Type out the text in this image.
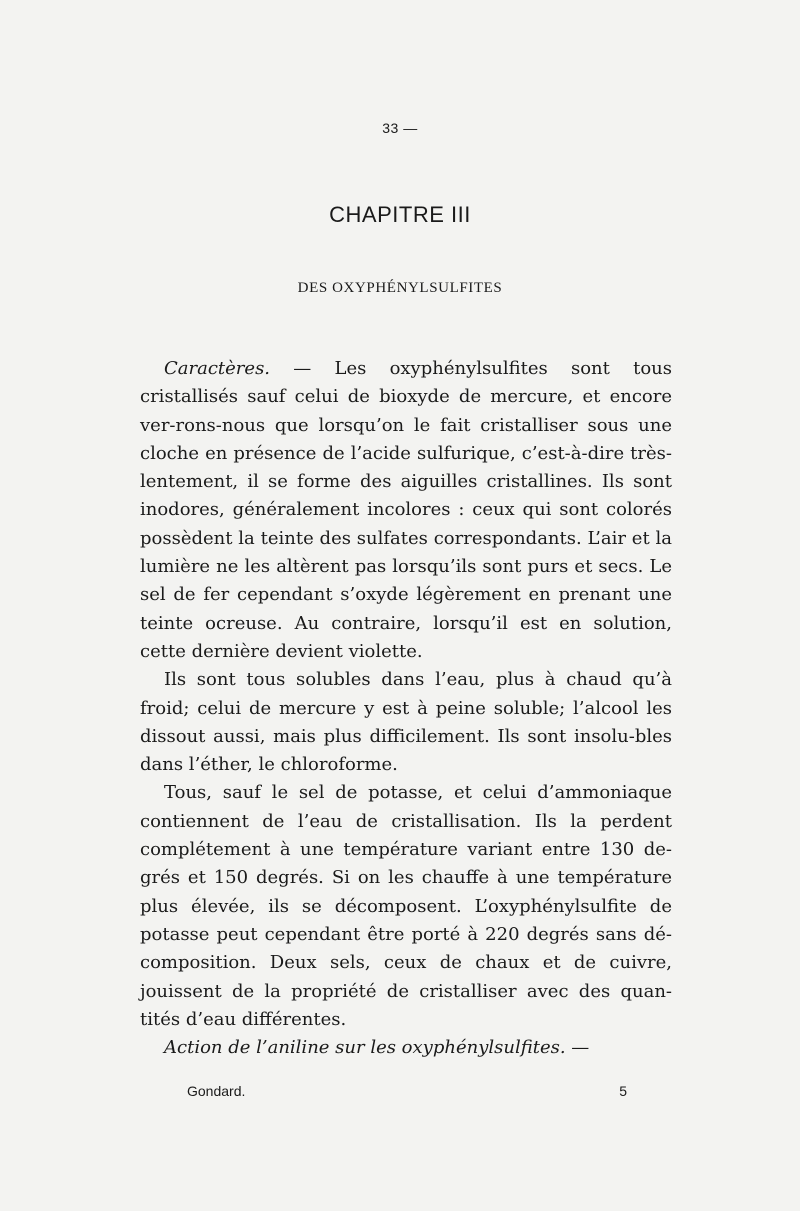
33 —
CHAPITRE III
DES OXYPHÉNYLSULFITES

Caractères. — Les oxyphénylsulfites sont tous cristallisés sauf celui de bioxyde de mercure, et encore ver-rons-nous que lorsqu’on le fait cristalliser sous une cloche en présence de l’acide sulfurique, c’est-à-dire très-lentement, il se forme des aiguilles cristallines. Ils sont inodores, généralement incolores : ceux qui sont colorés possèdent la teinte des sulfates correspondants. L’air et la lumière ne les altèrent pas lorsqu’ils sont purs et secs. Le sel de fer cependant s’oxyde légèrement en prenant une teinte ocreuse. Au contraire, lorsqu’il est en solution, cette dernière devient violette.

Ils sont tous solubles dans l’eau, plus à chaud qu’à froid; celui de mercure y est à peine soluble; l’alcool les dissout aussi, mais plus difficilement. Ils sont insolu-bles dans l’éther, le chloroforme.

Tous, sauf le sel de potasse, et celui d’ammoniaque contiennent de l’eau de cristallisation. Ils la perdent complétement à une température variant entre 130 de-grés et 150 degrés. Si on les chauffe à une température plus élevée, ils se décomposent. L’oxyphénylsulfite de potasse peut cependant être porté à 220 degrés sans dé-composition. Deux sels, ceux de chaux et de cuivre, jouissent de la propriété de cristalliser avec des quan-tités d’eau différentes.

Action de l’aniline sur les oxyphénylsulfites. —

Gondard.	5
